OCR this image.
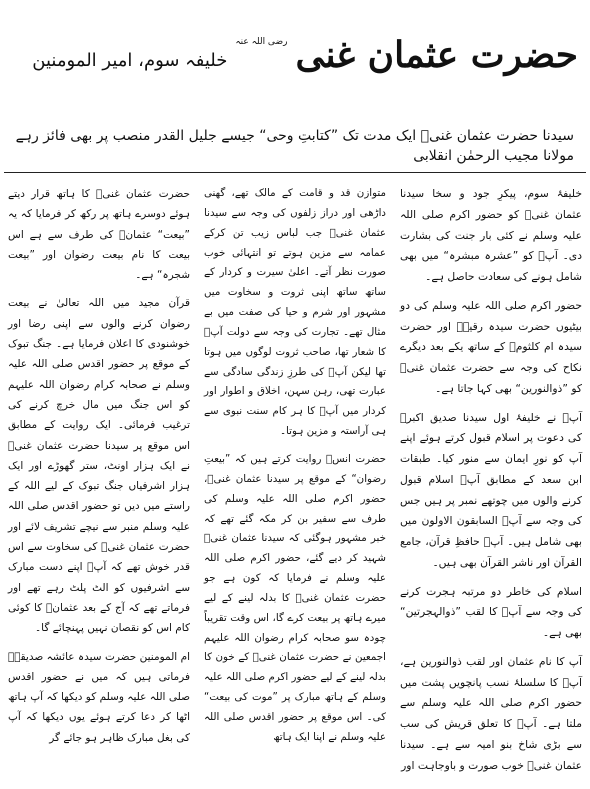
حضرت عثمان غنی
رضی اللہ عنہ
خلیفہ سوم، امیر المومنین
سیدنا حضرت عثمان غنیؓ ایک مدت تک ”کتابتِ وحی“ جیسے جلیل القدر منصب پر بھی فائز رہے
مولانا مجیب الرحمٰن انقلابی

خلیفۂ سوم، پیکرِ جود و سخا سیدنا عثمان غنیؓ کو حضور اکرم صلی اللہ علیہ وسلم نے کئی بار جنت کی بشارت دی۔ آپؓ کو ”عشرہ مبشرہ“ میں بھی شامل ہونے کی سعادت حاصل ہے۔

حضور اکرم صلی اللہ علیہ وسلم کی دو بیٹیوں حضرت سیدہ رقیہؓ اور حضرت سیدہ ام کلثومؓ کے ساتھ یکے بعد دیگرے نکاح کی وجہ سے حضرت عثمان غنیؓ کو ”ذوالنورین“ بھی کہا جاتا ہے۔

آپؓ نے خلیفۂ اول سیدنا صدیق اکبرؓ کی دعوت پر اسلام قبول کرتے ہوئے اپنے آپ کو نورِ ایمان سے منور کیا۔ طبقات ابن سعد کے مطابق آپؓ اسلام قبول کرنے والوں میں چوتھے نمبر پر ہیں جس کی وجہ سے آپؓ السابقون الاولون میں بھی شامل ہیں۔ آپؓ حافظِ قرآن، جامع القرآن اور ناشر القرآن بھی ہیں۔

اسلام کی خاطر دو مرتبہ ہجرت کرنے کی وجہ سے آپؓ کا لقب ”ذوالہجرتین“ بھی ہے۔

آپ کا نام عثمان اور لقب ذوالنورین ہے، آپؓ کا سلسلۂ نسب پانچویں پشت میں حضور اکرم صلی اللہ علیہ وسلم سے ملتا ہے۔ آپؓ کا تعلق قریش کی سب سے بڑی شاخ بنو امیہ سے ہے۔ سیدنا عثمان غنیؓ خوب صورت و باوجاہت اور

متوازن قد و قامت کے مالک تھے، گھنی داڑھی اور دراز زلفوں کی وجہ سے سیدنا عثمان غنیؓ جب لباس زیب تن کرکے عمامہ سے مزین ہوتے تو انتہائی خوب صورت نظر آتے۔ اعلیٰ سیرت و کردار کے ساتھ ساتھ اپنی ثروت و سخاوت میں مشہور اور شرم و حیا کی صفت میں بے مثال تھے۔ تجارت کی وجہ سے دولت آپؓ کا شعار تھا، صاحب ثروت لوگوں میں ہوتا تھا لیکن آپؓ کی طرزِ زندگی سادگی سے عبارت تھی، رہن سہن، اخلاق و اطوار اور کردار میں آپؓ کا ہر کام سنت نبوی سے ہی آراستہ و مزین ہوتا۔

حضرت انسؓ روایت کرتے ہیں کہ ”بیعتِ رضوان“ کے موقع پر سیدنا عثمان غنیؓ، حضور اکرم صلی اللہ علیہ وسلم کی طرف سے سفیر بن کر مکہ گئے تھے کہ خبر مشہور ہوگئی کہ سیدنا عثمان غنیؓ شہید کر دیے گئے، حضور اکرم صلی اللہ علیہ وسلم نے فرمایا کہ کون ہے جو حضرت عثمان غنیؓ کا بدلہ لینے کے لیے میرے ہاتھ پر بیعت کرے گا، اس وقت تقریباً چودہ سو صحابہ کرام رضوان اللہ علیہم اجمعین نے حضرت عثمان غنیؓ کے خون کا بدلہ لینے کے لیے حضور اکرم صلی اللہ علیہ وسلم کے ہاتھ مبارک پر ”موت کی بیعت“ کی۔ اس موقع پر حضور اقدس صلی اللہ علیہ وسلم نے اپنا ایک ہاتھ

حضرت عثمان غنیؓ کا ہاتھ قرار دیتے ہوئے دوسرے ہاتھ پر رکھ کر فرمایا کہ یہ ”بیعت“ عثمانؓ کی طرف سے ہے اس بیعت کا نام بیعت رضوان اور ”بیعت شجرہ“ ہے۔

قرآن مجید میں اللہ تعالیٰ نے بیعت رضوان کرنے والوں سے اپنی رضا اور خوشنودی کا اعلان فرمایا ہے۔ جنگ تبوک کے موقع پر حضور اقدس صلی اللہ علیہ وسلم نے صحابہ کرام رضوان اللہ علیہم کو اس جنگ میں مال خرچ کرنے کی ترغیب فرمائی۔ ایک روایت کے مطابق اس موقع پر سیدنا حضرت عثمان غنیؓ نے ایک ہزار اونٹ، ستر گھوڑے اور ایک ہزار اشرفیاں جنگ تبوک کے لیے اللہ کے راستے میں دیں تو حضور اقدس صلی اللہ علیہ وسلم منبر سے نیچے تشریف لائے اور حضرت عثمان غنیؓ کی سخاوت سے اس قدر خوش تھے کہ آپؓ اپنے دست مبارک سے اشرفیوں کو الٹ پلٹ رہے تھے اور فرماتے تھے کہ آج کے بعد عثمانؓ کا کوئی کام اس کو نقصان نہیں پہنچائے گا۔

ام المومنین حضرت سیدہ عائشہ صدیقہؓ فرماتی ہیں کہ میں نے حضور اقدس صلی اللہ علیہ وسلم کو دیکھا کہ آپ ہاتھ اٹھا کر دعا کرتے ہوئے یوں دیکھا کہ آپ کی بغل مبارک ظاہر ہو جائے گر
